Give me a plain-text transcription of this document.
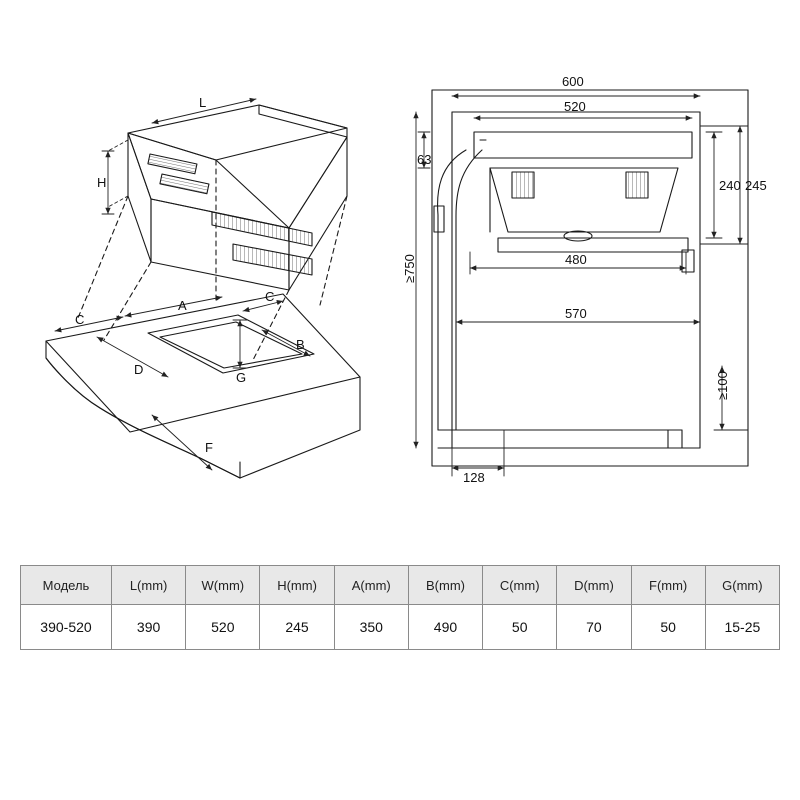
L
H
A
C
C
B
D
F
G
600
520
63
240 245
≥750	480
570
≥100
128
Модель	L(mm)	W(mm)	H(mm)	A(mm)	B(mm)	C(mm)	D(mm)	F(mm)	G(mm)
390-520	390	520	245	350	490	50	70	50	15-25
